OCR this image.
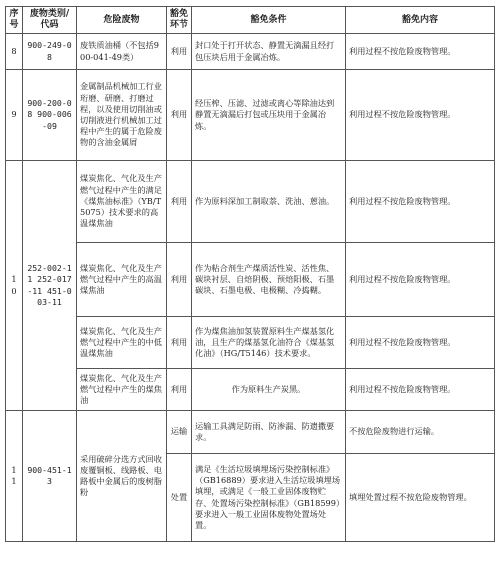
序号	废物类别/代码	危险废物	豁免环节	豁免条件	豁免内容
8	900-249-08	废铁质油桶（不包括900-041-49类）	利用	封口处于打开状态、静置无滴漏且经打包压块后用于金属冶炼。	利用过程不按危险废物管理。
9	900-200-08 900-006-09	金属制品机械加工行业珩磨、研磨、打磨过程，以及使用切削油或切削液进行机械加工过程中产生的属于危险废物的含油金属屑	利用	经压榨、压滤、过滤或离心等除油达到静置无滴漏后打包或压块用于金属冶炼。	利用过程不按危险废物管理。
10	252-002-11 252-017-11 451-003-11	煤炭焦化、气化及生产燃气过程中产生的满足《煤焦油标准》（YB/T5075）技术要求的高温煤焦油	利用	作为原料深加工制取萘、洗油、蒽油。	利用过程不按危险废物管理。
		煤炭焦化、气化及生产燃气过程中产生的高温煤焦油	利用	作为粘合剂生产煤质活性炭、活性焦、碳块衬层、自焙阴极、预焙阳极、石墨碳块、石墨电极、电极糊、冷捣糊。	利用过程不按危险废物管理。
		煤炭焦化、气化及生产燃气过程中产生的中低温煤焦油	利用	作为煤焦油加氢装置原料生产煤基氢化油，且生产的煤基氢化油符合《煤基氢化油》（HG/T5146）技术要求。	利用过程不按危险废物管理。
		煤炭焦化、气化及生产燃气过程中产生的煤焦油	利用	作为原料生产炭黑。	利用过程不按危险废物管理。
11	900-451-13	采用破碎分选方式回收废覆铜板、线路板、电路板中金属后的废树脂粉	运输	运输工具满足防雨、防渗漏、防遗撒要求。	不按危险废物进行运输。
			处置	满足《生活垃圾填埋场污染控制标准》（GB16889）要求进入生活垃圾填埋场填埋，或满足《一般工业固体废物贮存、处置场污染控制标准》（GB18599）要求进入一般工业固体废物处置场处置。	填埋处置过程不按危险废物管理。
